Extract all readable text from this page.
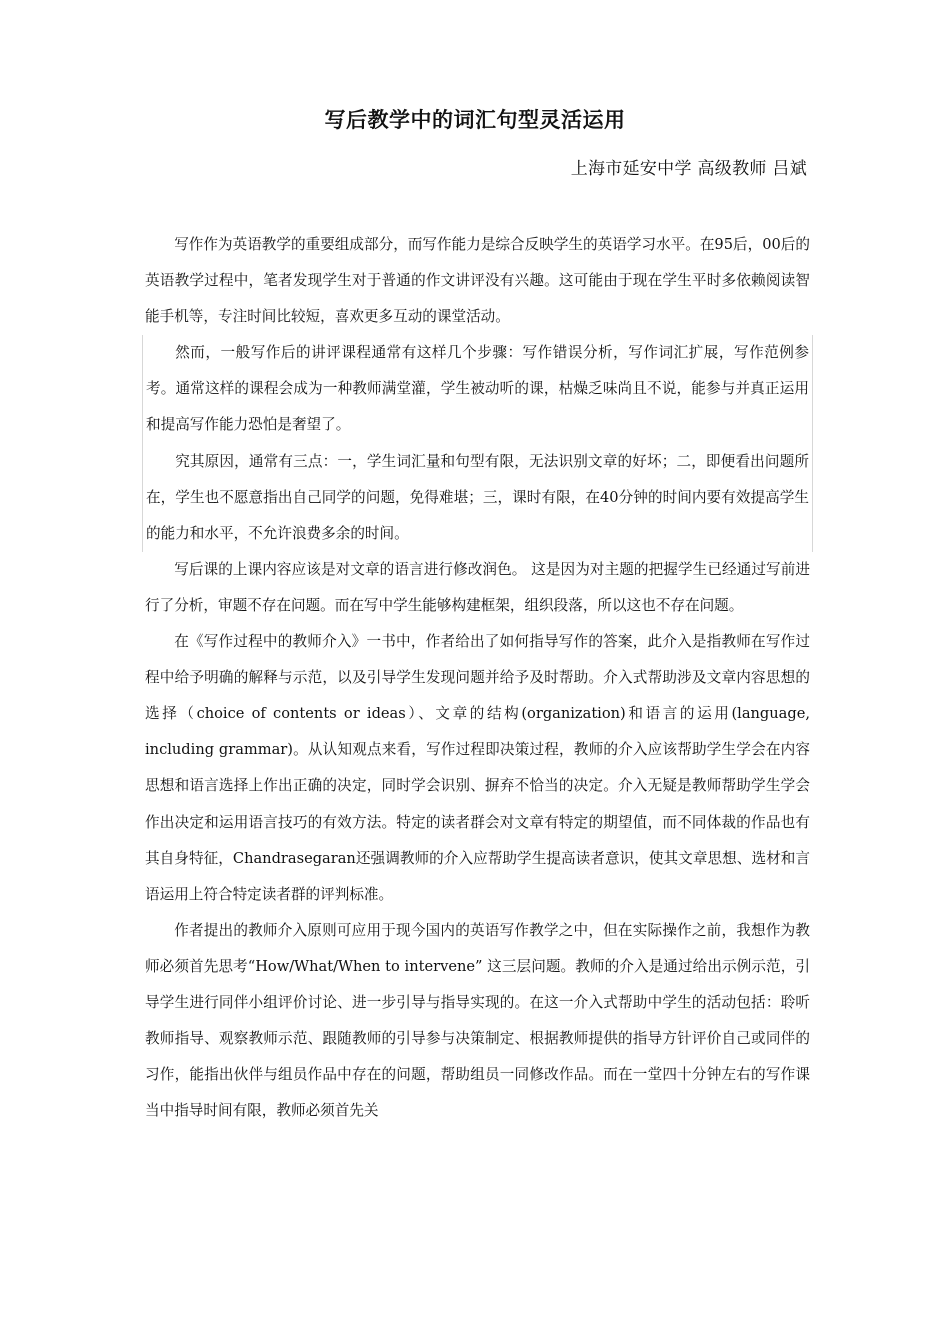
写后教学中的词汇句型灵活运用
上海市延安中学 高级教师 吕斌

写作作为英语教学的重要组成部分，而写作能力是综合反映学生的英语学习水平。在95后，00后的英语教学过程中，笔者发现学生对于普通的作文讲评没有兴趣。这可能由于现在学生平时多依赖阅读智能手机等，专注时间比较短，喜欢更多互动的课堂活动。

然而，一般写作后的讲评课程通常有这样几个步骤：写作错误分析，写作词汇扩展，写作范例参考。通常这样的课程会成为一种教师满堂灌，学生被动听的课，枯燥乏味尚且不说，能参与并真正运用和提高写作能力恐怕是奢望了。

究其原因，通常有三点：一，学生词汇量和句型有限，无法识别文章的好坏；二，即便看出问题所在，学生也不愿意指出自己同学的问题，免得难堪；三，课时有限，在40分钟的时间内要有效提高学生的能力和水平，不允许浪费多余的时间。

写后课的上课内容应该是对文章的语言进行修改润色。 这是因为对主题的把握学生已经通过写前进行了分析，审题不存在问题。而在写中学生能够构建框架，组织段落，所以这也不存在问题。

在《写作过程中的教师介入》一书中，作者给出了如何指导写作的答案，此介入是指教师在写作过程中给予明确的解释与示范，以及引导学生发现问题并给予及时帮助。介入式帮助涉及文章内容思想的选择（choice of contents or ideas）、文章的结构(organization)和语言的运用(language, including grammar)。从认知观点来看，写作过程即决策过程，教师的介入应该帮助学生学会在内容思想和语言选择上作出正确的决定，同时学会识别、摒弃不恰当的决定。介入无疑是教师帮助学生学会作出决定和运用语言技巧的有效方法。特定的读者群会对文章有特定的期望值，而不同体裁的作品也有其自身特征，Chandrasegaran还强调教师的介入应帮助学生提高读者意识，使其文章思想、选材和言语运用上符合特定读者群的评判标准。

作者提出的教师介入原则可应用于现今国内的英语写作教学之中，但在实际操作之前，我想作为教师必须首先思考“How/What/When to intervene” 这三层问题。教师的介入是通过给出示例示范，引导学生进行同伴小组评价讨论、进一步引导与指导实现的。在这一介入式帮助中学生的活动包括：聆听教师指导、观察教师示范、跟随教师的引导参与决策制定、根据教师提供的指导方针评价自己或同伴的习作，能指出伙伴与组员作品中存在的问题，帮助组员一同修改作品。而在一堂四十分钟左右的写作课当中指导时间有限，教师必须首先关
